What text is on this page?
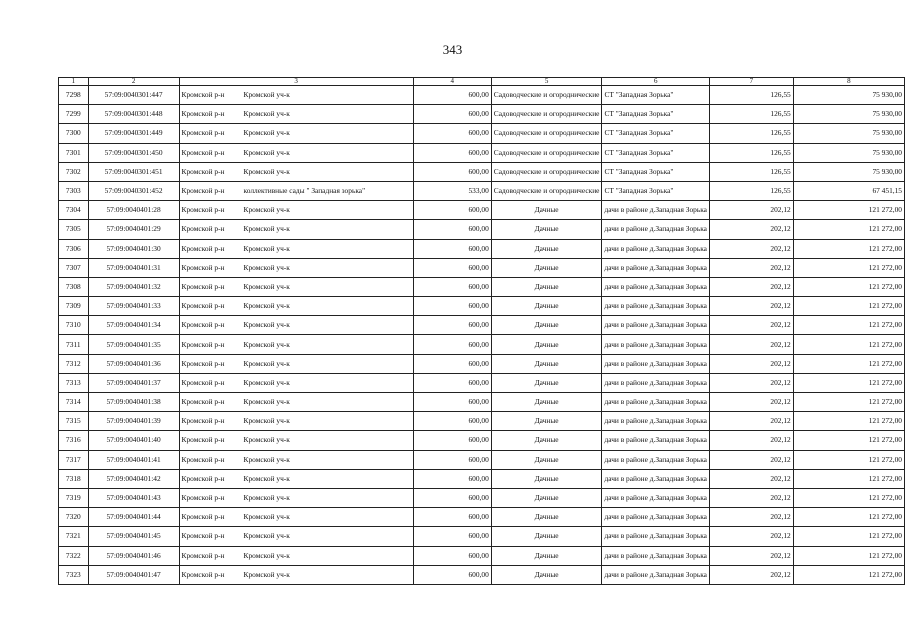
343
1	2	3	4	5	6	7	8
7298	57:09:0040301:447	Кромской р-н Кромской уч-к	600,00	Садоводческие и огороднические	СТ "Западная Зорька"	126,55	75 930,00
7299	57:09:0040301:448	Кромской р-н Кромской уч-к	600,00	Садоводческие и огороднические	СТ "Западная Зорька"	126,55	75 930,00
7300	57:09:0040301:449	Кромской р-н Кромской уч-к	600,00	Садоводческие и огороднические	СТ "Западная Зорька"	126,55	75 930,00
7301	57:09:0040301:450	Кромской р-н Кромской уч-к	600,00	Садоводческие и огороднические	СТ "Западная Зорька"	126,55	75 930,00
7302	57:09:0040301:451	Кромской р-н Кромской уч-к	600,00	Садоводческие и огороднические	СТ "Западная Зорька"	126,55	75 930,00
7303	57:09:0040301:452	Кромской р-н коллективные сады " Западная зорька"	533,00	Садоводческие и огороднические	СТ "Западная Зорька"	126,55	67 451,15
7304	57:09:0040401:28	Кромской р-н Кромской уч-к	600,00	Дачные	дачи в районе д.Западная Зорька	202,12	121 272,00
7305	57:09:0040401:29	Кромской р-н Кромской уч-к	600,00	Дачные	дачи в районе д.Западная Зорька	202,12	121 272,00
7306	57:09:0040401:30	Кромской р-н Кромской уч-к	600,00	Дачные	дачи в районе д.Западная Зорька	202,12	121 272,00
7307	57:09:0040401:31	Кромской р-н Кромской уч-к	600,00	Дачные	дачи в районе д.Западная Зорька	202,12	121 272,00
7308	57:09:0040401:32	Кромской р-н Кромской уч-к	600,00	Дачные	дачи в районе д.Западная Зорька	202,12	121 272,00
7309	57:09:0040401:33	Кромской р-н Кромской уч-к	600,00	Дачные	дачи в районе д.Западная Зорька	202,12	121 272,00
7310	57:09:0040401:34	Кромской р-н Кромской уч-к	600,00	Дачные	дачи в районе д.Западная Зорька	202,12	121 272,00
7311	57:09:0040401:35	Кромской р-н Кромской уч-к	600,00	Дачные	дачи в районе д.Западная Зорька	202,12	121 272,00
7312	57:09:0040401:36	Кромской р-н Кромской уч-к	600,00	Дачные	дачи в районе д.Западная Зорька	202,12	121 272,00
7313	57:09:0040401:37	Кромской р-н Кромской уч-к	600,00	Дачные	дачи в районе д.Западная Зорька	202,12	121 272,00
7314	57:09:0040401:38	Кромской р-н Кромской уч-к	600,00	Дачные	дачи в районе д.Западная Зорька	202,12	121 272,00
7315	57:09:0040401:39	Кромской р-н Кромской уч-к	600,00	Дачные	дачи в районе д.Западная Зорька	202,12	121 272,00
7316	57:09:0040401:40	Кромской р-н Кромской уч-к	600,00	Дачные	дачи в районе д.Западная Зорька	202,12	121 272,00
7317	57:09:0040401:41	Кромской р-н Кромской уч-к	600,00	Дачные	дачи в районе д.Западная Зорька	202,12	121 272,00
7318	57:09:0040401:42	Кромской р-н Кромской уч-к	600,00	Дачные	дачи в районе д.Западная Зорька	202,12	121 272,00
7319	57:09:0040401:43	Кромской р-н Кромской уч-к	600,00	Дачные	дачи в районе д.Западная Зорька	202,12	121 272,00
7320	57:09:0040401:44	Кромской р-н Кромской уч-к	600,00	Дачные	дачи в районе д.Западная Зорька	202,12	121 272,00
7321	57:09:0040401:45	Кромской р-н Кромской уч-к	600,00	Дачные	дачи в районе д.Западная Зорька	202,12	121 272,00
7322	57:09:0040401:46	Кромской р-н Кромской уч-к	600,00	Дачные	дачи в районе д.Западная Зорька	202,12	121 272,00
7323	57:09:0040401:47	Кромской р-н Кромской уч-к	600,00	Дачные	дачи в районе д.Западная Зорька	202,12	121 272,00
